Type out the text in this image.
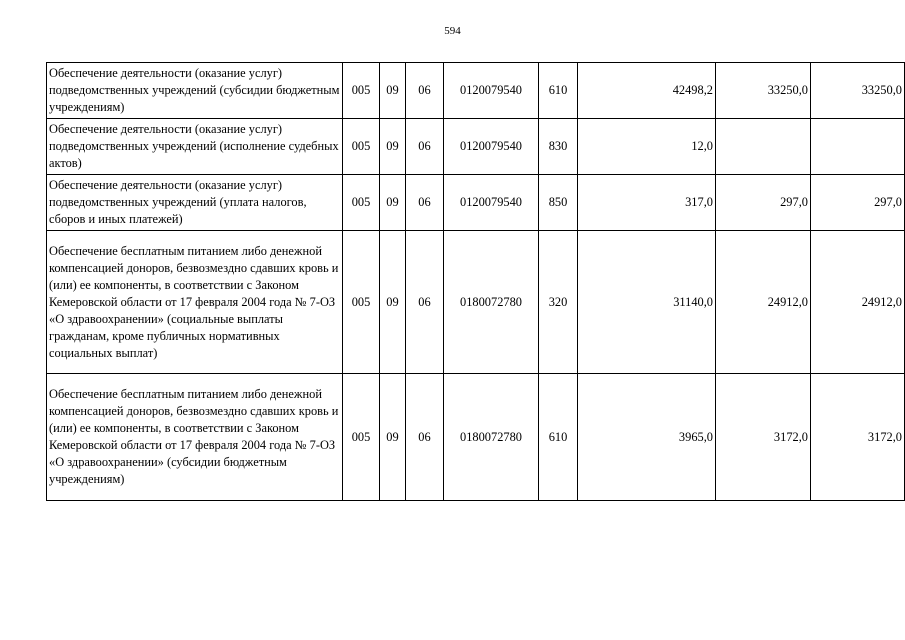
594
Обеспечение деятельности (оказание услуг) подведомственных учреждений (субсидии бюджетным учреждениям)	005	09	06	0120079540	610	42498,2	33250,0	33250,0
Обеспечение деятельности (оказание услуг) подведомственных учреждений (исполнение судебных актов)	005	09	06	0120079540	830	12,0		
Обеспечение деятельности (оказание услуг) подведомственных учреждений (уплата налогов, сборов и иных платежей)	005	09	06	0120079540	850	317,0	297,0	297,0
Обеспечение бесплатным питанием либо денежной компенсацией доноров, безвозмездно сдавших кровь и (или) ее компоненты, в соответствии с Законом Кемеровской области от 17 февраля 2004 года № 7-ОЗ «О здравоохранении» (социальные выплаты гражданам, кроме публичных нормативных социальных выплат)	005	09	06	0180072780	320	31140,0	24912,0	24912,0
Обеспечение бесплатным питанием либо денежной компенсацией доноров, безвозмездно сдавших кровь и (или) ее компоненты, в соответствии с Законом Кемеровской области от 17 февраля 2004 года № 7-ОЗ «О здравоохранении» (субсидии бюджетным учреждениям)	005	09	06	0180072780	610	3965,0	3172,0	3172,0
